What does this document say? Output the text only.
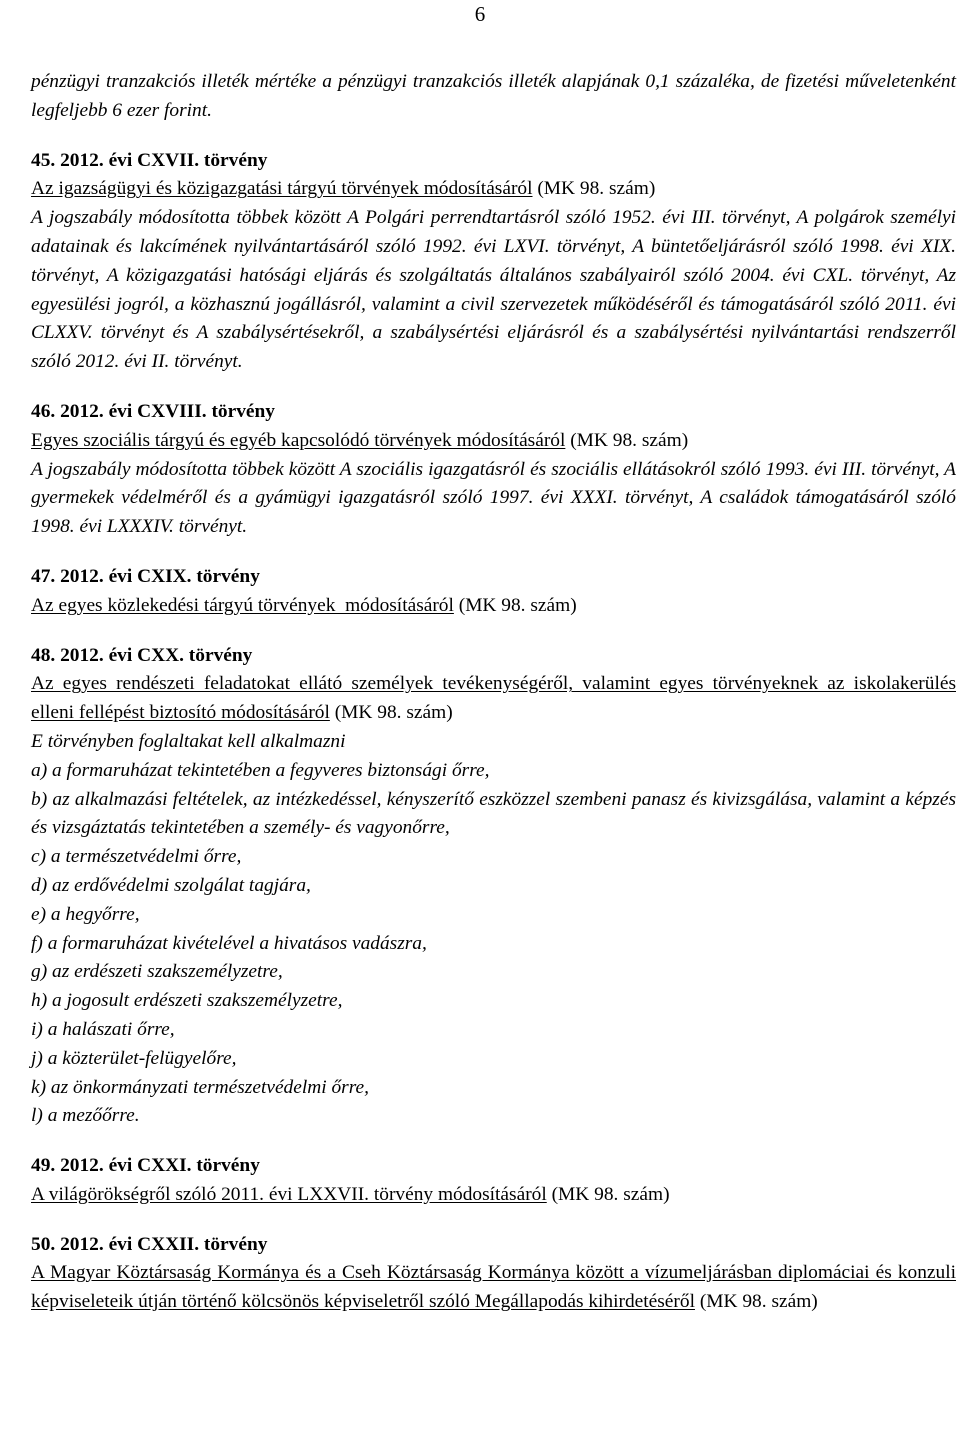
6

pénzügyi tranzakciós illeték mértéke a pénzügyi tranzakciós illeték alapjának 0,1 százaléka, de fizetési műveletenként legfeljebb 6 ezer forint.

45. 2012. évi CXVII. törvény

Az igazságügyi és közigazgatási tárgyú törvények módosításáról (MK 98. szám)

A jogszabály módosította többek között A Polgári perrendtartásról szóló 1952. évi III. törvényt, A polgárok személyi adatainak és lakcímének nyilvántartásáról szóló 1992. évi LXVI. törvényt, A büntetőeljárásról szóló 1998. évi XIX. törvényt, A közigazgatási hatósági eljárás és szolgáltatás általános szabályairól szóló 2004. évi CXL. törvényt, Az egyesülési jogról, a közhasznú jogállásról, valamint a civil szervezetek működéséről és támogatásáról szóló 2011. évi CLXXV. törvényt és A szabálysértésekről, a szabálysértési eljárásról és a szabálysértési nyilvántartási rendszerről szóló 2012. évi II. törvényt.

46. 2012. évi CXVIII. törvény

Egyes szociális tárgyú és egyéb kapcsolódó törvények módosításáról (MK 98. szám)

A jogszabály módosította többek között A szociális igazgatásról és szociális ellátásokról szóló 1993. évi III. törvényt, A gyermekek védelméről és a gyámügyi igazgatásról szóló 1997. évi XXXI. törvényt, A családok támogatásáról szóló 1998. évi LXXXIV. törvényt.

47. 2012. évi CXIX. törvény

Az egyes közlekedési tárgyú törvények  módosításáról (MK 98. szám)

48. 2012. évi CXX. törvény

Az egyes rendészeti feladatokat ellátó személyek tevékenységéről, valamint egyes törvényeknek az iskolakerülés elleni fellépést biztosító módosításáról (MK 98. szám)

E törvényben foglaltakat kell alkalmazni

a) a formaruházat tekintetében a fegyveres biztonsági őrre,

b) az alkalmazási feltételek, az intézkedéssel, kényszerítő eszközzel szembeni panasz és kivizsgálása, valamint a képzés és vizsgáztatás tekintetében a személy- és vagyonőrre,

c) a természetvédelmi őrre,

d) az erdővédelmi szolgálat tagjára,

e) a hegyőrre,

f) a formaruházat kivételével a hivatásos vadászra,

g) az erdészeti szakszemélyzetre,

h) a jogosult erdészeti szakszemélyzetre,

i) a halászati őrre,

j) a közterület-felügyelőre,

k) az önkormányzati természetvédelmi őrre,

l) a mezőőrre.

49. 2012. évi CXXI. törvény

A világörökségről szóló 2011. évi LXXVII. törvény módosításáról (MK 98. szám)

50. 2012. évi CXXII. törvény

A Magyar Köztársaság Kormánya és a Cseh Köztársaság Kormánya között a vízumeljárásban diplomáciai és konzuli képviseleteik útján történő kölcsönös képviseletről szóló Megállapodás kihirdetéséről (MK 98. szám)
